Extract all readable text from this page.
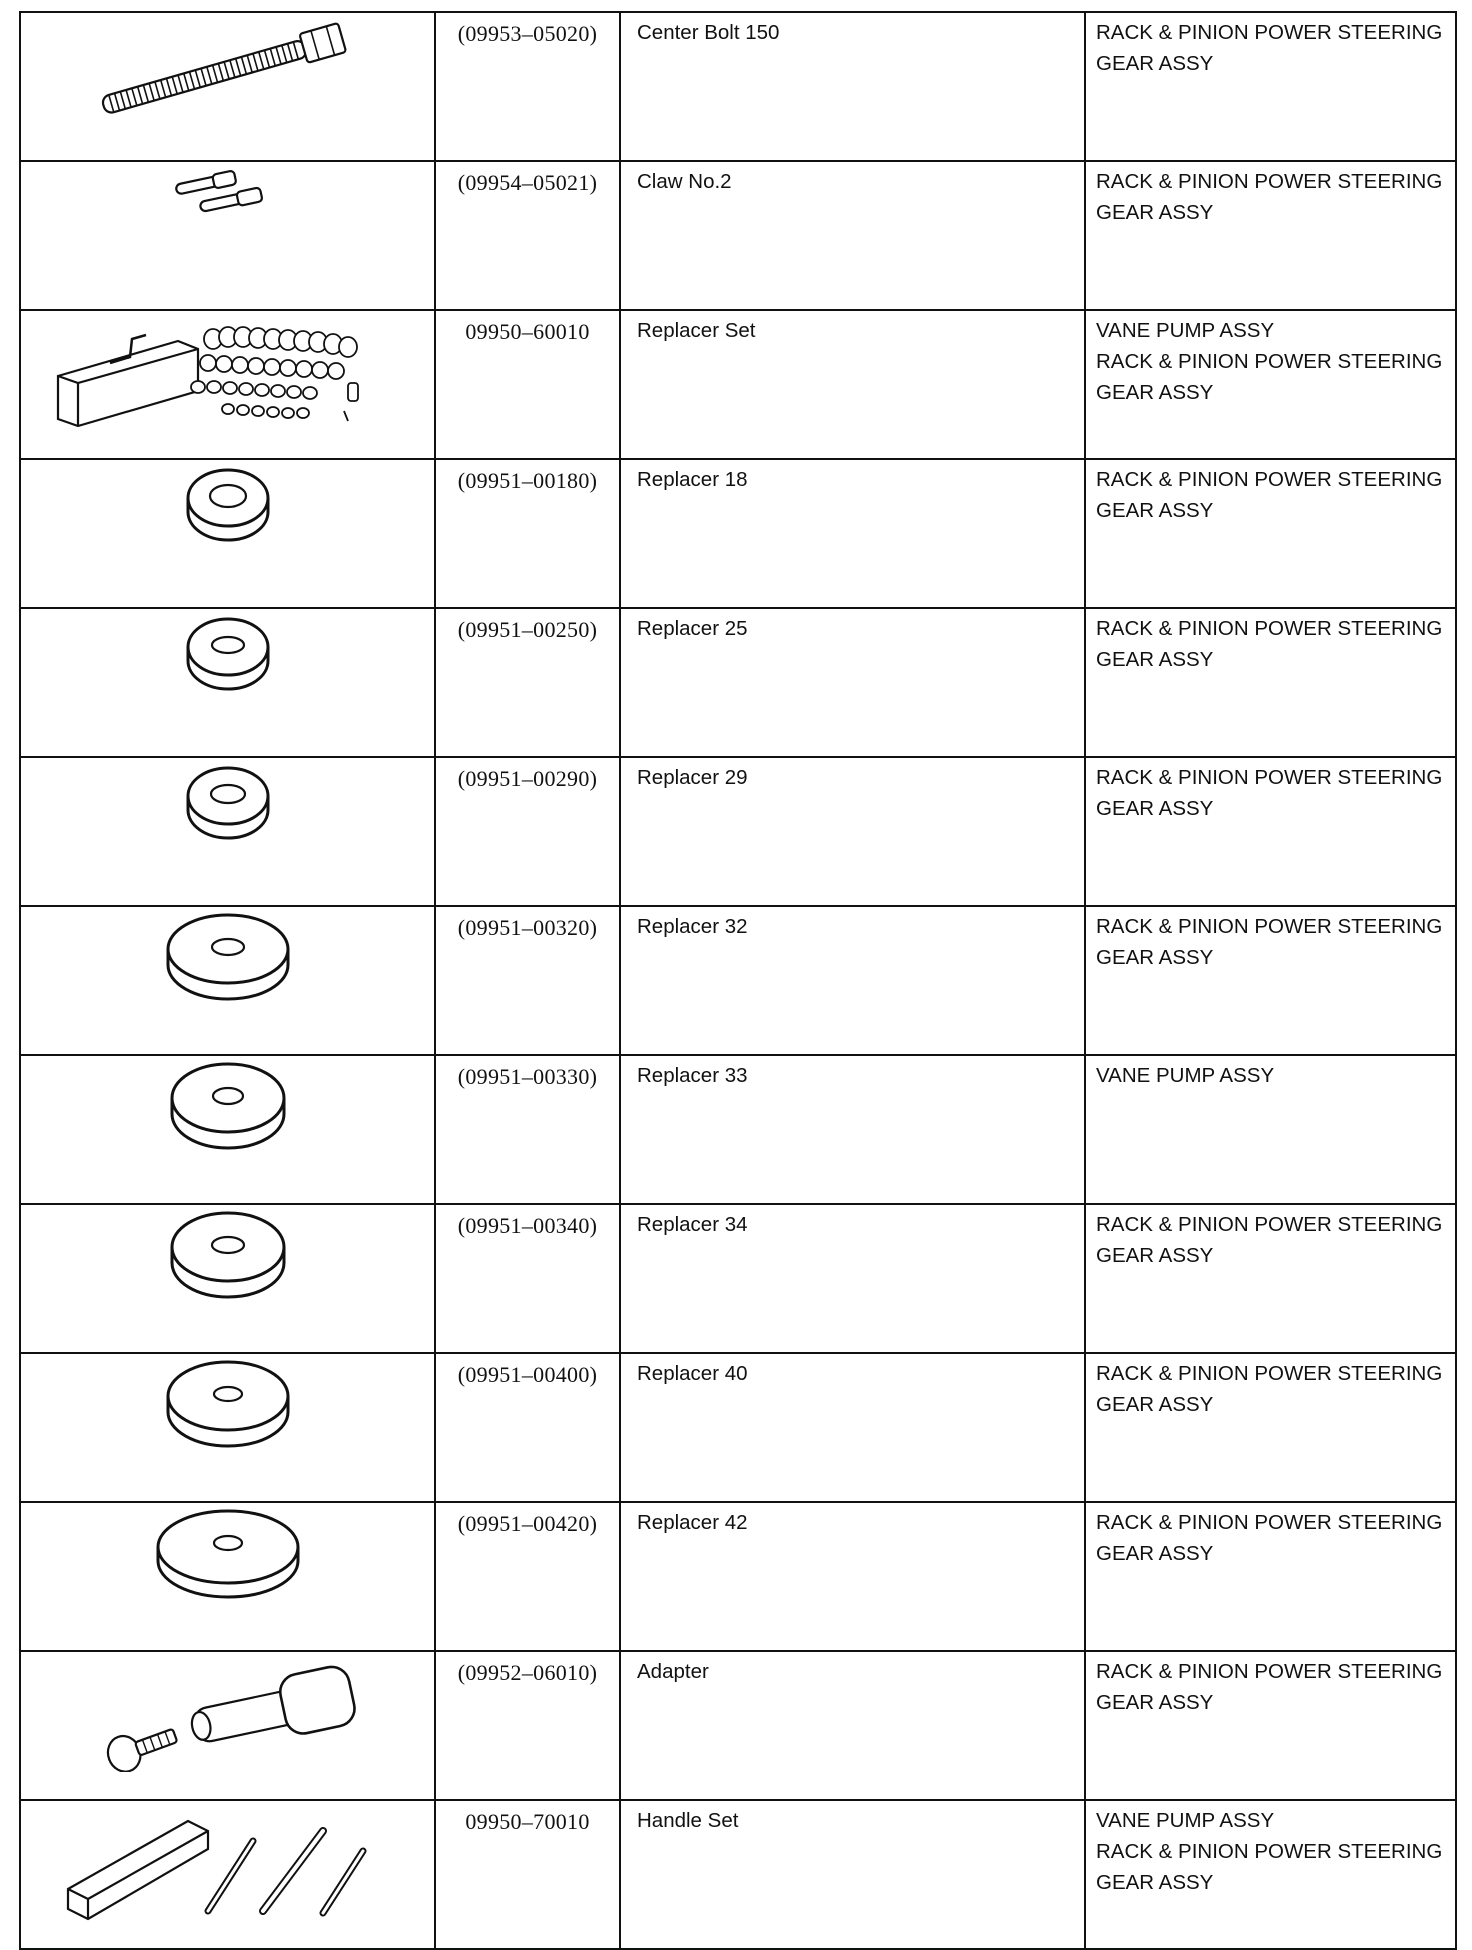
	(09953–05020)	Center Bolt 150	RACK & PINION POWER STEERING
GEAR ASSY

	(09954–05021)	Claw No.2	RACK & PINION POWER STEERING
GEAR ASSY

	09950–60010	Replacer Set	VANE PUMP ASSY
RACK & PINION POWER STEERING
GEAR ASSY

	(09951–00180)	Replacer 18	RACK & PINION POWER STEERING
GEAR ASSY

	(09951–00250)	Replacer 25	RACK & PINION POWER STEERING
GEAR ASSY

	(09951–00290)	Replacer 29	RACK & PINION POWER STEERING
GEAR ASSY

	(09951–00320)	Replacer 32	RACK & PINION POWER STEERING
GEAR ASSY

	(09951–00330)	Replacer 33	VANE PUMP ASSY

	(09951–00340)	Replacer 34	RACK & PINION POWER STEERING
GEAR ASSY

	(09951–00400)	Replacer 40	RACK & PINION POWER STEERING
GEAR ASSY

	(09951–00420)	Replacer 42	RACK & PINION POWER STEERING
GEAR ASSY

	(09952–06010)	Adapter	RACK & PINION POWER STEERING
GEAR ASSY

	09950–70010	Handle Set	VANE PUMP ASSY
RACK & PINION POWER STEERING
GEAR ASSY
